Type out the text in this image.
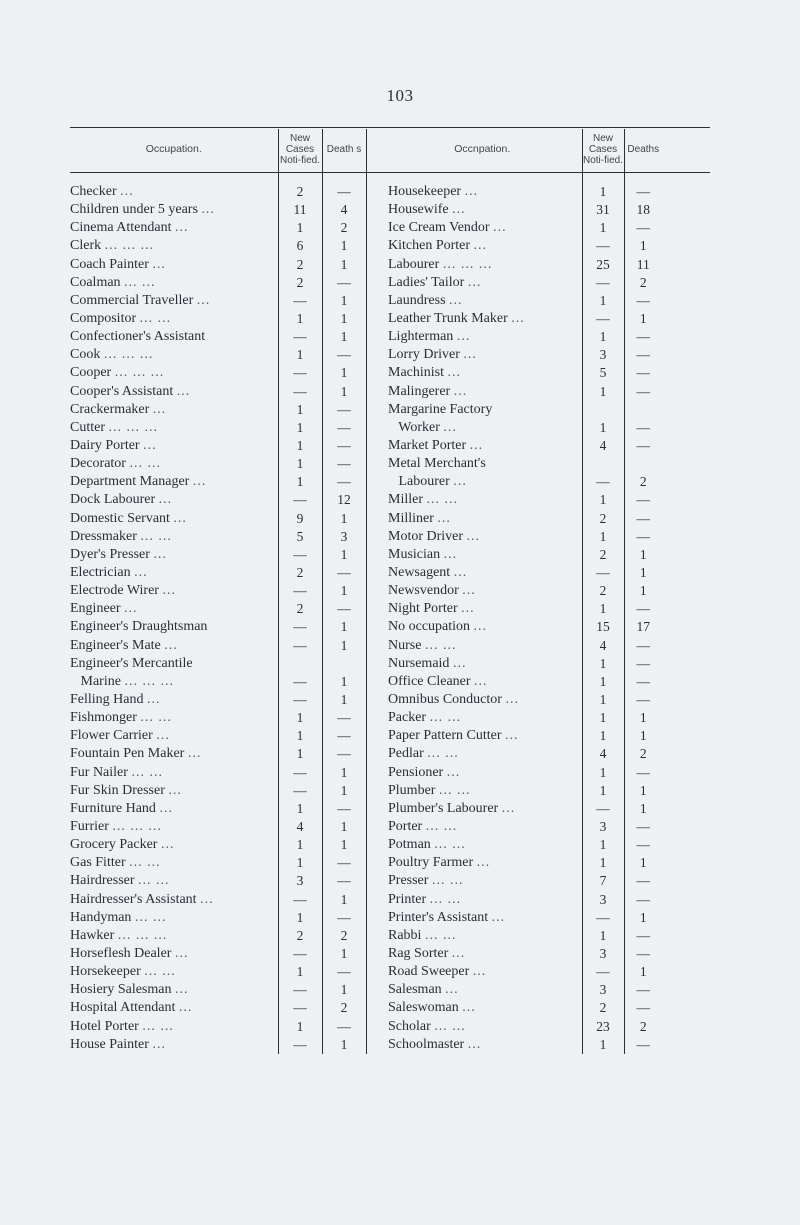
103
Occupation.	New Cases Noti-fied.	Death s		Occnpation.	New Cases Noti-fied.	Deaths	
Checker ...	2	—		Housekeeper ...	1	—	
Children under 5 years ...	11	4		Housewife ...	31	18	
Cinema Attendant ...	1	2		Ice Cream Vendor ...	1	—	
Clerk ... ... ...	6	1		Kitchen Porter ...	—	1	
Coach Painter ...	2	1		Labourer ... ... ...	25	11	
Coalman ... ...	2	—		Ladies' Tailor ...	—	2	
Commercial Traveller ...	—	1		Laundress ...	1	—	
Compositor ... ...	1	1		Leather Trunk Maker ...	—	1	
Confectioner's Assistant	—	1		Lighterman ...	1	—	
Cook ... ... ...	1	—		Lorry Driver ...	3	—	
Cooper ... ... ...	—	1		Machinist ...	5	—	
Cooper's Assistant ...	—	1		Malingerer ...	1	—	
Crackermaker ...	1	—		Margarine Factory			
Cutter ... ... ...	1	—		Worker ...	1	—	
Dairy Porter ...	1	—		Market Porter ...	4	—	
Decorator ... ...	1	—		Metal Merchant's			
Department Manager ...	1	—		Labourer ...	—	2	
Dock Labourer ...	—	12		Miller ... ...	1	—	
Domestic Servant ...	9	1		Milliner ...	2	—	
Dressmaker ... ...	5	3		Motor Driver ...	1	—	
Dyer's Presser ...	—	1		Musician ...	2	1	
Electrician ...	2	—		Newsagent ...	—	1	
Electrode Wirer ...	—	1		Newsvendor ...	2	1	
Engineer ...	2	—		Night Porter ...	1	—	
Engineer's Draughtsman	—	1		No occupation ...	15	17	
Engineer's Mate ...	—	1		Nurse ... ...	4	—	
Engineer's Mercantile				Nursemaid ...	1	—	
Marine ... ... ...	—	1		Office Cleaner ...	1	—	
Felling Hand ...	—	1		Omnibus Conductor ...	1	—	
Fishmonger ... ...	1	—		Packer ... ...	1	1	
Flower Carrier ...	1	—		Paper Pattern Cutter ...	1	1	
Fountain Pen Maker ...	1	—		Pedlar ... ...	4	2	
Fur Nailer ... ...	—	1		Pensioner ...	1	—	
Fur Skin Dresser ...	—	1		Plumber ... ...	1	1	
Furniture Hand ...	1	—		Plumber's Labourer ...	—	1	
Furrier ... ... ...	4	1		Porter ... ...	3	—	
Grocery Packer ...	1	1		Potman ... ...	1	—	
Gas Fitter ... ...	1	—		Poultry Farmer ...	1	1	
Hairdresser ... ...	3	—		Presser ... ...	7	—	
Hairdresser's Assistant ...	—	1		Printer ... ...	3	—	
Handyman ... ...	1	—		Printer's Assistant ...	—	1	
Hawker ... ... ...	2	2		Rabbi ... ...	1	—	
Horseflesh Dealer ...	—	1		Rag Sorter ...	3	—	
Horsekeeper ... ...	1	—		Road Sweeper ...	—	1	
Hosiery Salesman ...	—	1		Salesman ...	3	—	
Hospital Attendant ...	—	2		Saleswoman ...	2	—	
Hotel Porter ... ...	1	—		Scholar ... ...	23	2	
House Painter ...	—	1		Schoolmaster ...	1	—	
